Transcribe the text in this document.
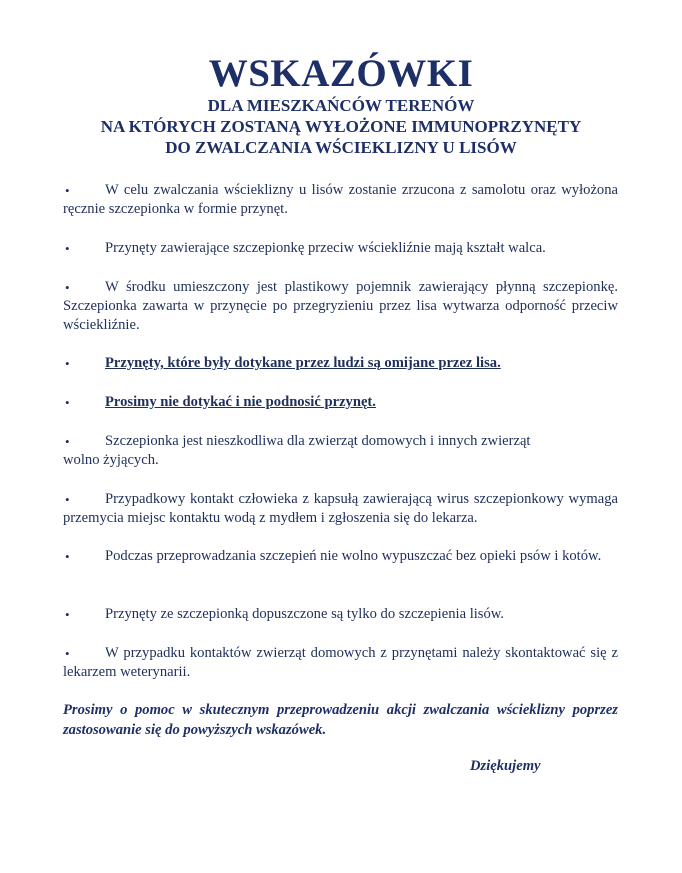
WSKAZÓWKI
DLA MIESZKAŃCÓW TERENÓW
NA KTÓRYCH ZOSTANĄ WYŁOŻONE IMMUNOPRZYNĘTY
DO ZWALCZANIA WŚCIEKLIZNY U LISÓW
•	W celu zwalczania wścieklizny u lisów zostanie zrzucona z samolotu oraz wyłożona ręcznie szczepionka w formie przynęt.
•	Przynęty zawierające szczepionkę przeciw wściekliźnie mają kształt walca.
•	W środku umieszczony jest plastikowy pojemnik zawierający płynną szczepionkę. Szczepionka zawarta w przynęcie po przegryzieniu przez lisa wytwarza odporność przeciw wściekliźnie.
•	Przynęty, które były dotykane przez ludzi są omijane przez lisa.
•	Prosimy nie dotykać i nie podnosić przynęt.
•	Szczepionka jest nieszkodliwa dla zwierząt domowych i innych zwierząt wolno żyjących.
•	Przypadkowy kontakt człowieka z kapsułą zawierającą wirus szczepionkowy wymaga przemycia miejsc kontaktu wodą z mydłem i zgłoszenia się do lekarza.
•	Podczas przeprowadzania szczepień nie wolno wypuszczać bez opieki psów i kotów.
•	Przynęty ze szczepionką dopuszczone są tylko do szczepienia lisów.
•	W przypadku kontaktów zwierząt domowych z przynętami należy skontaktować się z lekarzem weterynarii.
Prosimy o pomoc w skutecznym przeprowadzeniu akcji zwalczania wścieklizny poprzez zastosowanie się do powyższych wskazówek.
Dziękujemy
